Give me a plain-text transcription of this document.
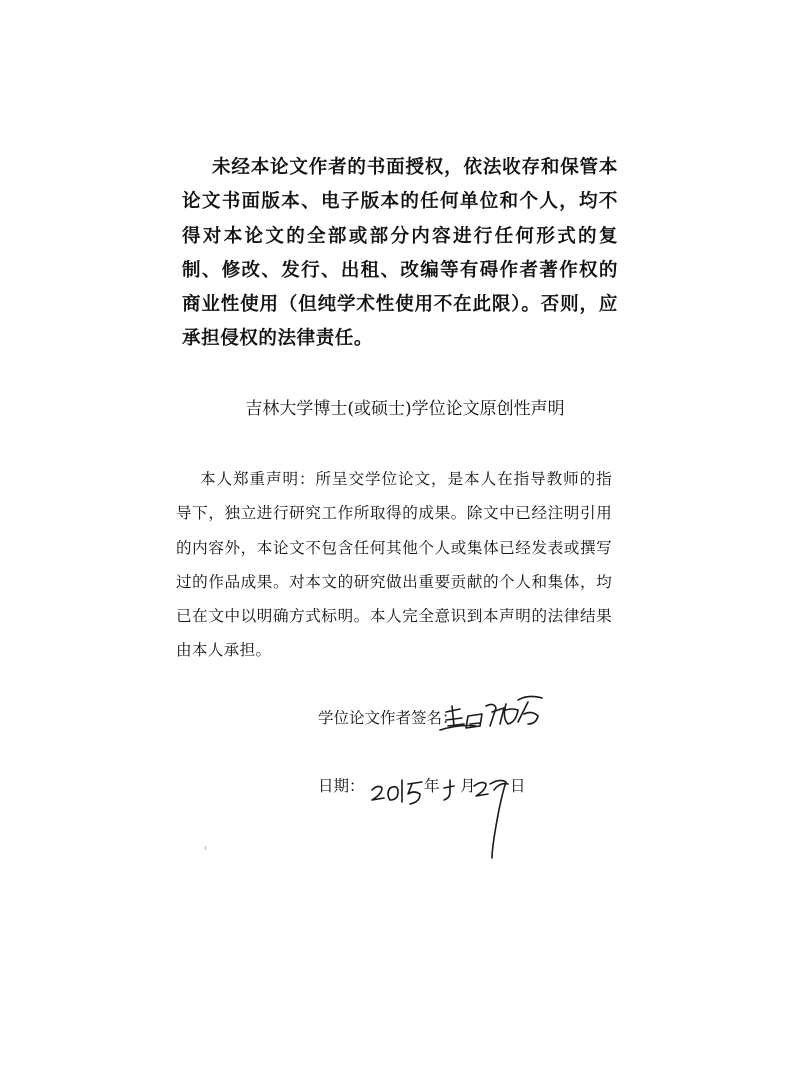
未经本论文作者的书面授权，依法收存和保管本论文书面版本、电子版本的任何单位和个人，均不得对本论文的全部或部分内容进行任何形式的复制、修改、发行、出租、改编等有碍作者著作权的商业性使用（但纯学术性使用不在此限）。否则，应承担侵权的法律责任。

吉林大学博士(或硕士)学位论文原创性声明

本人郑重声明：所呈交学位论文，是本人在指导教师的指导下，独立进行研究工作所取得的成果。除文中已经注明引用的内容外，本论文不包含任何其他个人或集体已经发表或撰写过的作品成果。对本文的研究做出重要贡献的个人和集体，均已在文中以明确方式标明。本人完全意识到本声明的法律结果由本人承担。

学位论文作者签名：
日期：	年 月 日
